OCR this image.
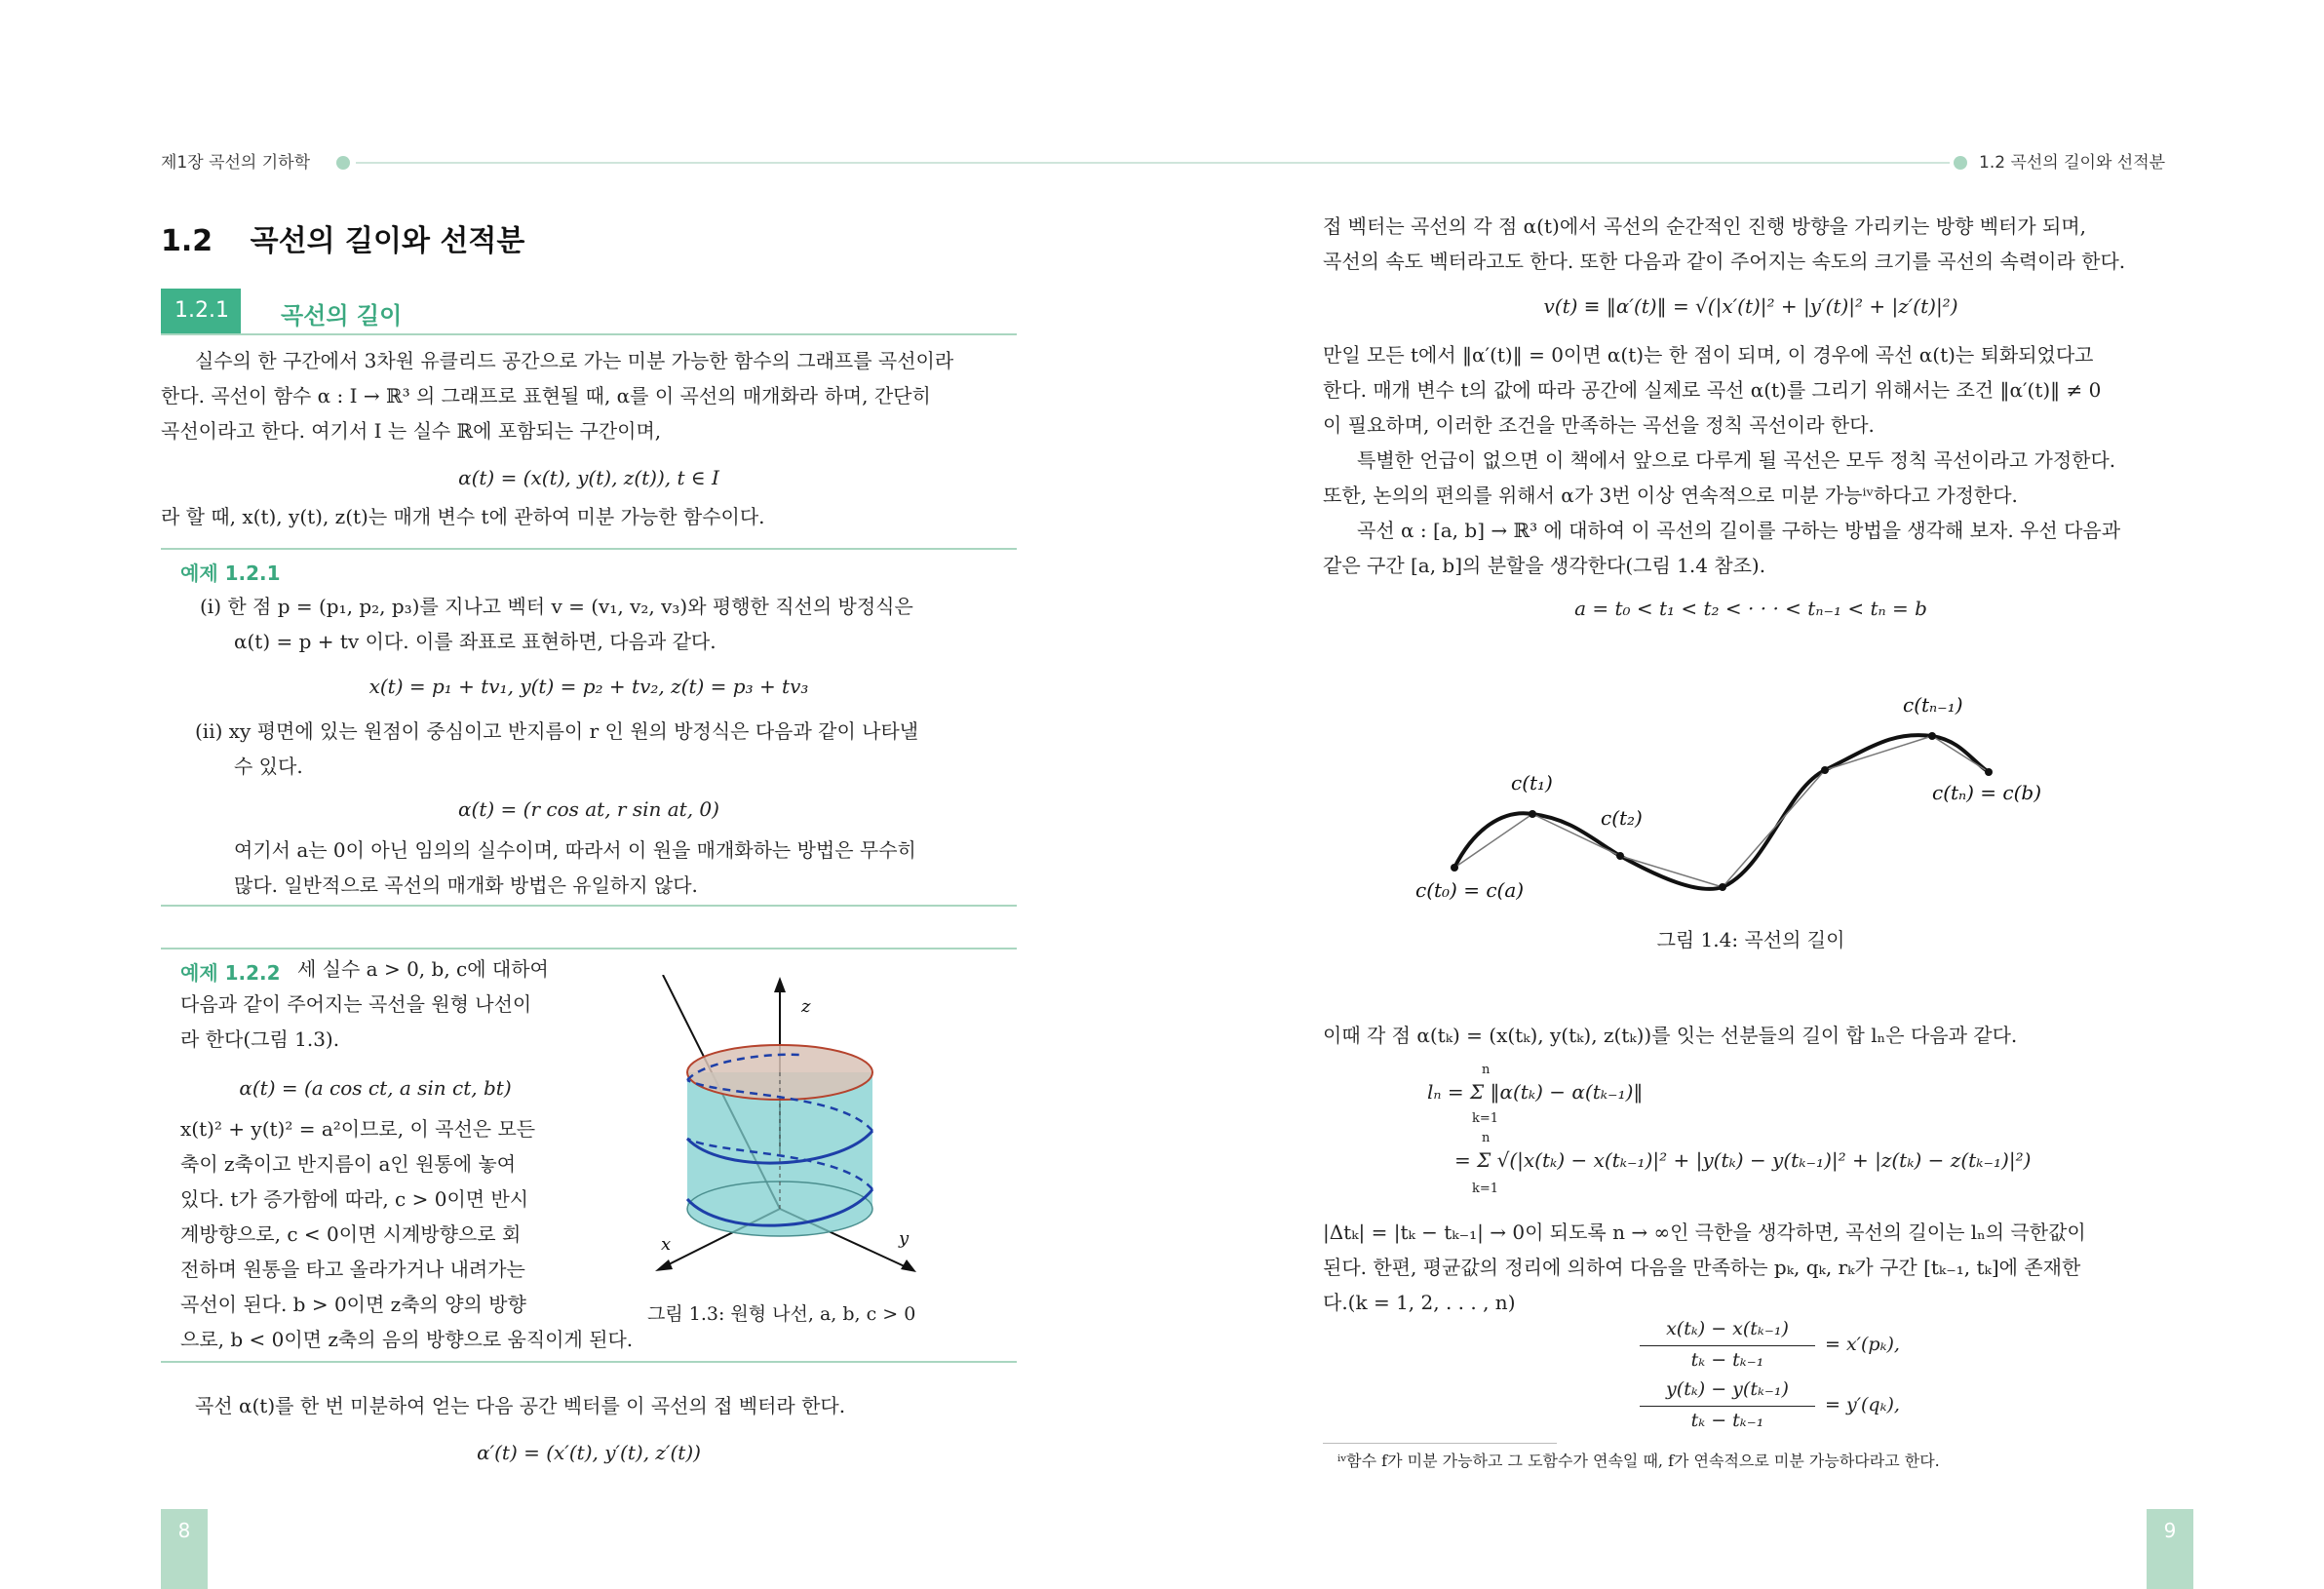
제1장 곡선의 기하학
1.2 곡선의 길이와 선적분
1.2.1 곡선의 길이
실수의 한 구간에서 3차원 유클리드 공간으로 가는 미분 가능한 함수의 그래프를 곡선이라
한다. 곡선이 함수 α : I → ℝ³ 의 그래프로 표현될 때, α를 이 곡선의 매개화라 하며, 간단히
곡선이라고 한다. 여기서 I 는 실수 ℝ에 포함되는 구간이며,
α(t) = (x(t), y(t), z(t)), t ∈ I
라 할 때, x(t), y(t), z(t)는 매개 변수 t에 관하여 미분 가능한 함수이다.
예제 1.2.1
(i) 한 점 p = (p₁, p₂, p₃)를 지나고 벡터 v = (v₁, v₂, v₃)와 평행한 직선의 방정식은
α(t) = p + tv 이다. 이를 좌표로 표현하면, 다음과 같다.
x(t) = p₁ + tv₁, y(t) = p₂ + tv₂, z(t) = p₃ + tv₃
(ii) xy 평면에 있는 원점이 중심이고 반지름이 r 인 원의 방정식은 다음과 같이 나타낼
수 있다.
α(t) = (r cos at, r sin at, 0)
여기서 a는 0이 아닌 임의의 실수이며, 따라서 이 원을 매개화하는 방법은 무수히
많다. 일반적으로 곡선의 매개화 방법은 유일하지 않다.
예제 1.2.2 세 실수 a > 0, b, c에 대하여
다음과 같이 주어지는 곡선을 원형 나선이
라 한다(그림 1.3).
α(t) = (a cos ct, a sin ct, bt)
x(t)² + y(t)² = a²이므로, 이 곡선은 모든
축이 z축이고 반지름이 a인 원통에 놓여
있다. t가 증가함에 따라, c > 0이면 반시
계방향으로, c < 0이면 시계방향으로 회
전하며 원통을 타고 올라가거나 내려가는
곡선이 된다. b > 0이면 z축의 양의 방향
으로, b < 0이면 z축의 음의 방향으로 움직이게 된다.
z
x	y
그림 1.3: 원형 나선, a, b, c > 0
곡선 α(t)를 한 번 미분하여 얻는 다음 공간 벡터를 이 곡선의 접 벡터라 한다.
α′(t) = (x′(t), y′(t), z′(t))
8
1.2 곡선의 길이와 선적분
접 벡터는 곡선의 각 점 α(t)에서 곡선의 순간적인 진행 방향을 가리키는 방향 벡터가 되며,
곡선의 속도 벡터라고도 한다. 또한 다음과 같이 주어지는 속도의 크기를 곡선의 속력이라 한다.
v(t) ≡ ‖α′(t)‖ = √(|x′(t)|² + |y′(t)|² + |z′(t)|²)
만일 모든 t에서 ‖α′(t)‖ = 0이면 α(t)는 한 점이 되며, 이 경우에 곡선 α(t)는 퇴화되었다고
한다. 매개 변수 t의 값에 따라 공간에 실제로 곡선 α(t)를 그리기 위해서는 조건 ‖α′(t)‖ ≠ 0
이 필요하며, 이러한 조건을 만족하는 곡선을 정칙 곡선이라 한다.
특별한 언급이 없으면 이 책에서 앞으로 다루게 될 곡선은 모두 정칙 곡선이라고 가정한다.
또한, 논의의 편의를 위해서 α가 3번 이상 연속적으로 미분 가능ⁱᵛ하다고 가정한다.
곡선 α : [a, b] → ℝ³ 에 대하여 이 곡선의 길이를 구하는 방법을 생각해 보자. 우선 다음과
같은 구간 [a, b]의 분할을 생각한다(그림 1.4 참조).
a = t₀ < t₁ < t₂ < · · · < tₙ₋₁ < tₙ = b
c(t₀) = c(a)
c(t₁)
c(t₂)
c(tₙ₋₁)
c(tₙ) = c(b)
그림 1.4: 곡선의 길이
이때 각 점 α(tₖ) = (x(tₖ), y(tₖ), z(tₖ))를 잇는 선분들의 길이 합 lₙ은 다음과 같다.
lₙ = Σ ‖α(tₖ) − α(tₖ₋₁)‖
n
k=1
= Σ √(|x(tₖ) − x(tₖ₋₁)|² + |y(tₖ) − y(tₖ₋₁)|² + |z(tₖ) − z(tₖ₋₁)|²)
n
k=1
|Δtₖ| = |tₖ − tₖ₋₁| → 0이 되도록 n → ∞인 극한을 생각하면, 곡선의 길이는 lₙ의 극한값이
된다. 한편, 평균값의 정리에 의하여 다음을 만족하는 pₖ, qₖ, rₖ가 구간 [tₖ₋₁, tₖ]에 존재한
다.(k = 1, 2, . . . , n)
x(tₖ) − x(tₖ₋₁)
tₖ − tₖ₋₁
= x′(pₖ),
y(tₖ) − y(tₖ₋₁)
tₖ − tₖ₋₁
= y′(qₖ),
ⁱᵛ함수 f가 미분 가능하고 그 도함수가 연속일 때, f가 연속적으로 미분 가능하다라고 한다.
9
